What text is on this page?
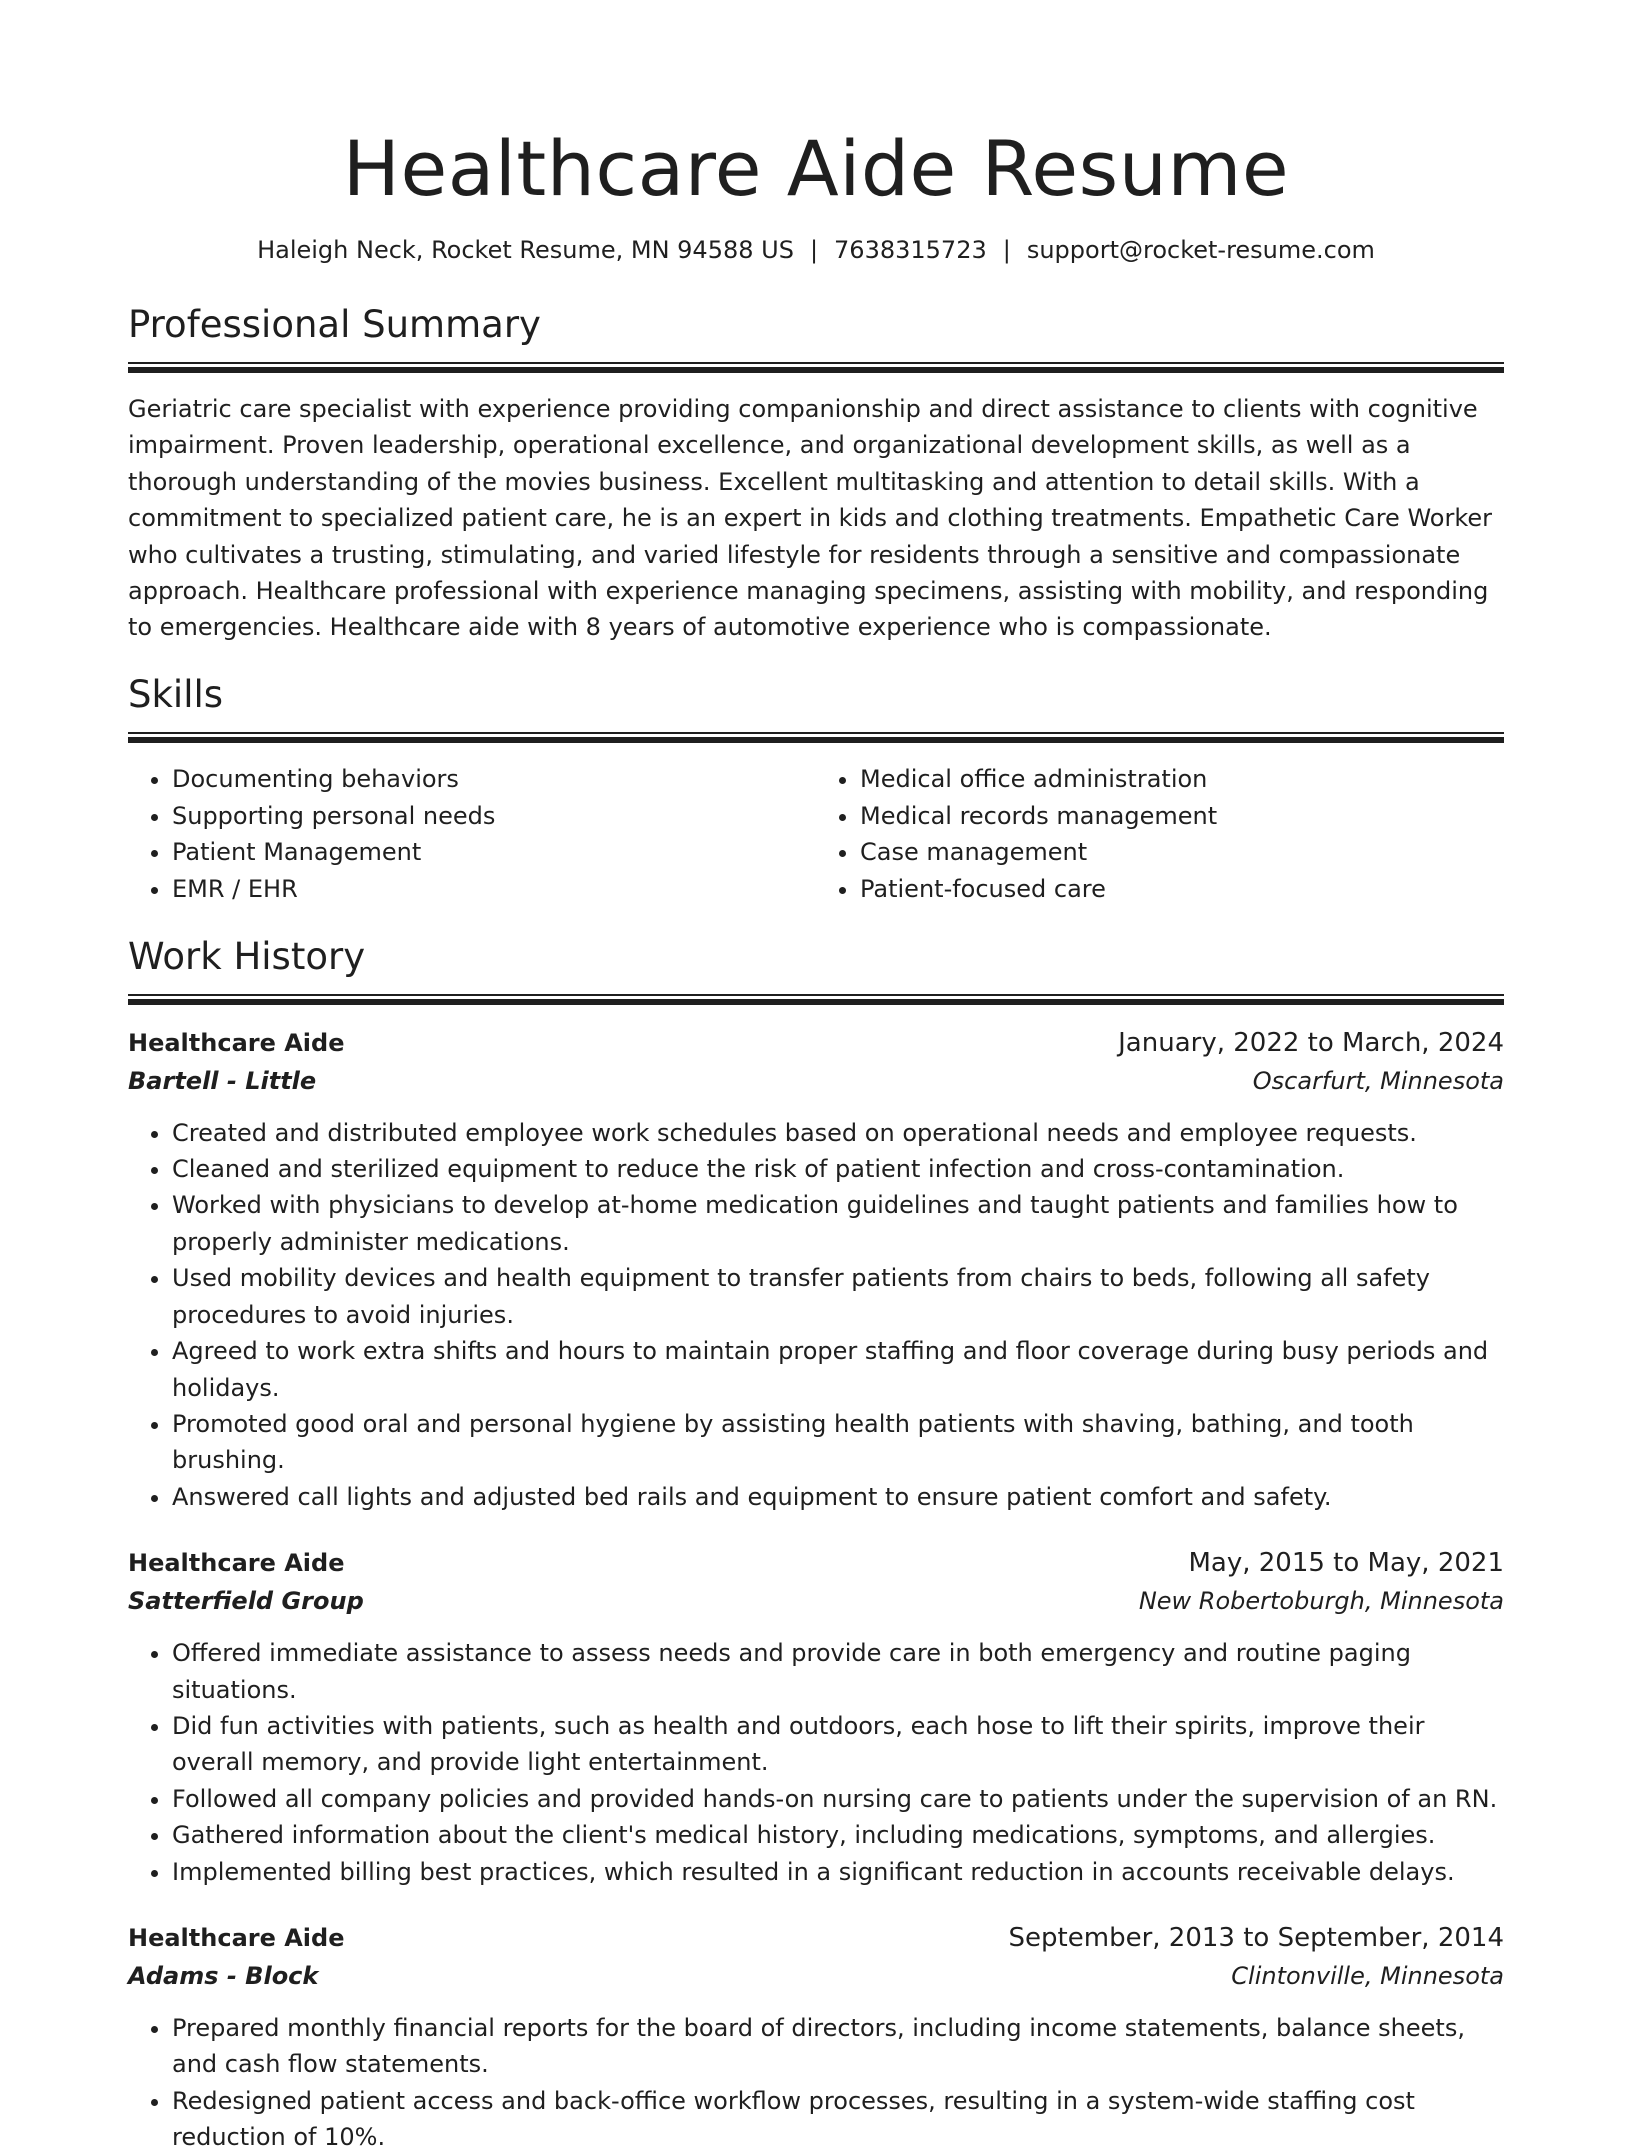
Healthcare Aide Resume
Haleigh Neck, Rocket Resume, MN 94588 US | 7638315723 | support@rocket-resume.com
Professional Summary

Geriatric care specialist with experience providing companionship and direct assistance to clients with cognitive impairment. Proven leadership, operational excellence, and organizational development skills, as well as a thorough understanding of the movies business. Excellent multitasking and attention to detail skills. With a commitment to specialized patient care, he is an expert in kids and clothing treatments. Empathetic Care Worker who cultivates a trusting, stimulating, and varied lifestyle for residents through a sensitive and compassionate approach. Healthcare professional with experience managing specimens, assisting with mobility, and responding to emergencies. Healthcare aide with 8 years of automotive experience who is compassionate.

Skills
• Documenting behaviors
• Supporting personal needs
• Patient Management
• EMR / EHR
• Medical office administration
• Medical records management
• Case management
• Patient-focused care
Work History
Healthcare Aide	January, 2022 to March, 2024
Bartell - Little	Oscarfurt, Minnesota
• Created and distributed employee work schedules based on operational needs and employee requests.
• Cleaned and sterilized equipment to reduce the risk of patient infection and cross-contamination.
• Worked with physicians to develop at-home medication guidelines and taught patients and families how to properly administer medications.
• Used mobility devices and health equipment to transfer patients from chairs to beds, following all safety procedures to avoid injuries.
• Agreed to work extra shifts and hours to maintain proper staffing and floor coverage during busy periods and holidays.
• Promoted good oral and personal hygiene by assisting health patients with shaving, bathing, and tooth brushing.
• Answered call lights and adjusted bed rails and equipment to ensure patient comfort and safety.
Healthcare Aide	May, 2015 to May, 2021
Satterfield Group	New Robertoburgh, Minnesota
• Offered immediate assistance to assess needs and provide care in both emergency and routine paging situations.
• Did fun activities with patients, such as health and outdoors, each hose to lift their spirits, improve their overall memory, and provide light entertainment.
• Followed all company policies and provided hands-on nursing care to patients under the supervision of an RN.
• Gathered information about the client's medical history, including medications, symptoms, and allergies.
• Implemented billing best practices, which resulted in a significant reduction in accounts receivable delays.
Healthcare Aide	September, 2013 to September, 2014
Adams - Block	Clintonville, Minnesota
• Prepared monthly financial reports for the board of directors, including income statements, balance sheets, and cash flow statements.
• Redesigned patient access and back-office workflow processes, resulting in a system-wide staffing cost reduction of 10%.
